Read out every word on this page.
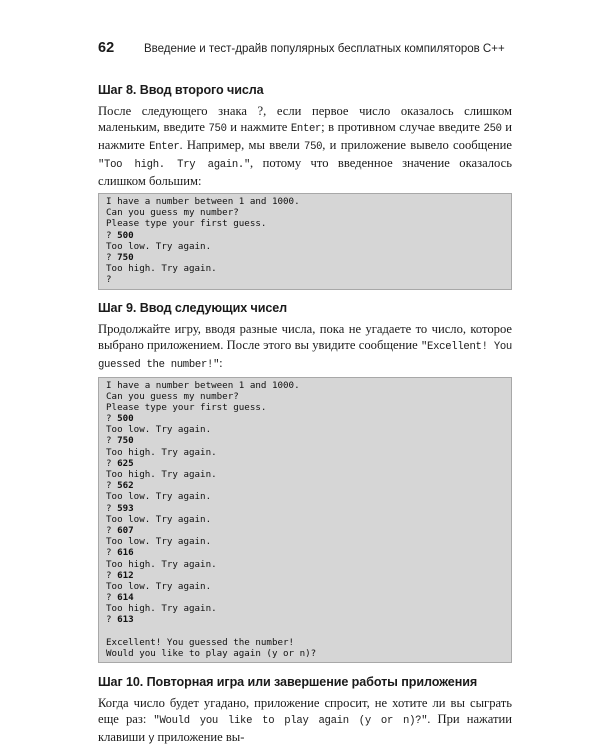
62	Введение и тест-драйв популярных бесплатных компиляторов C++
Шаг 8. Ввод второго числа

После следующего знака ?, если первое число оказалось слишком маленьким, введите 750 и нажмите Enter; в противном случае введите 250 и нажмите Enter. Например, мы ввели 750, и приложение вывело сообщение "Too high. Try again.", потому что введенное значение оказалось слишком большим:

I have a number between 1 and 1000.
Can you guess my number?
Please type your first guess.
? 500
Too low. Try again.
? 750
Too high. Try again.
?
Шаг 9. Ввод следующих чисел

Продолжайте игру, вводя разные числа, пока не угадаете то число, которое выбрано приложением. После этого вы увидите сообщение "Excellent! You guessed the number!":

I have a number between 1 and 1000.
Can you guess my number?
Please type your first guess.
? 500
Too low. Try again.
? 750
Too high. Try again.
? 625
Too high. Try again.
? 562
Too low. Try again.
? 593
Too low. Try again.
? 607
Too low. Try again.
? 616
Too high. Try again.
? 612
Too low. Try again.
? 614
Too high. Try again.
? 613
Excellent! You guessed the number!
Would you like to play again (y or n)?
Шаг 10. Повторная игра или завершение работы приложения

Когда число будет угадано, приложение спросит, не хотите ли вы сыграть еще раз: "Would you like to play again (y or n)?". При нажатии клавиши y приложение вы-
